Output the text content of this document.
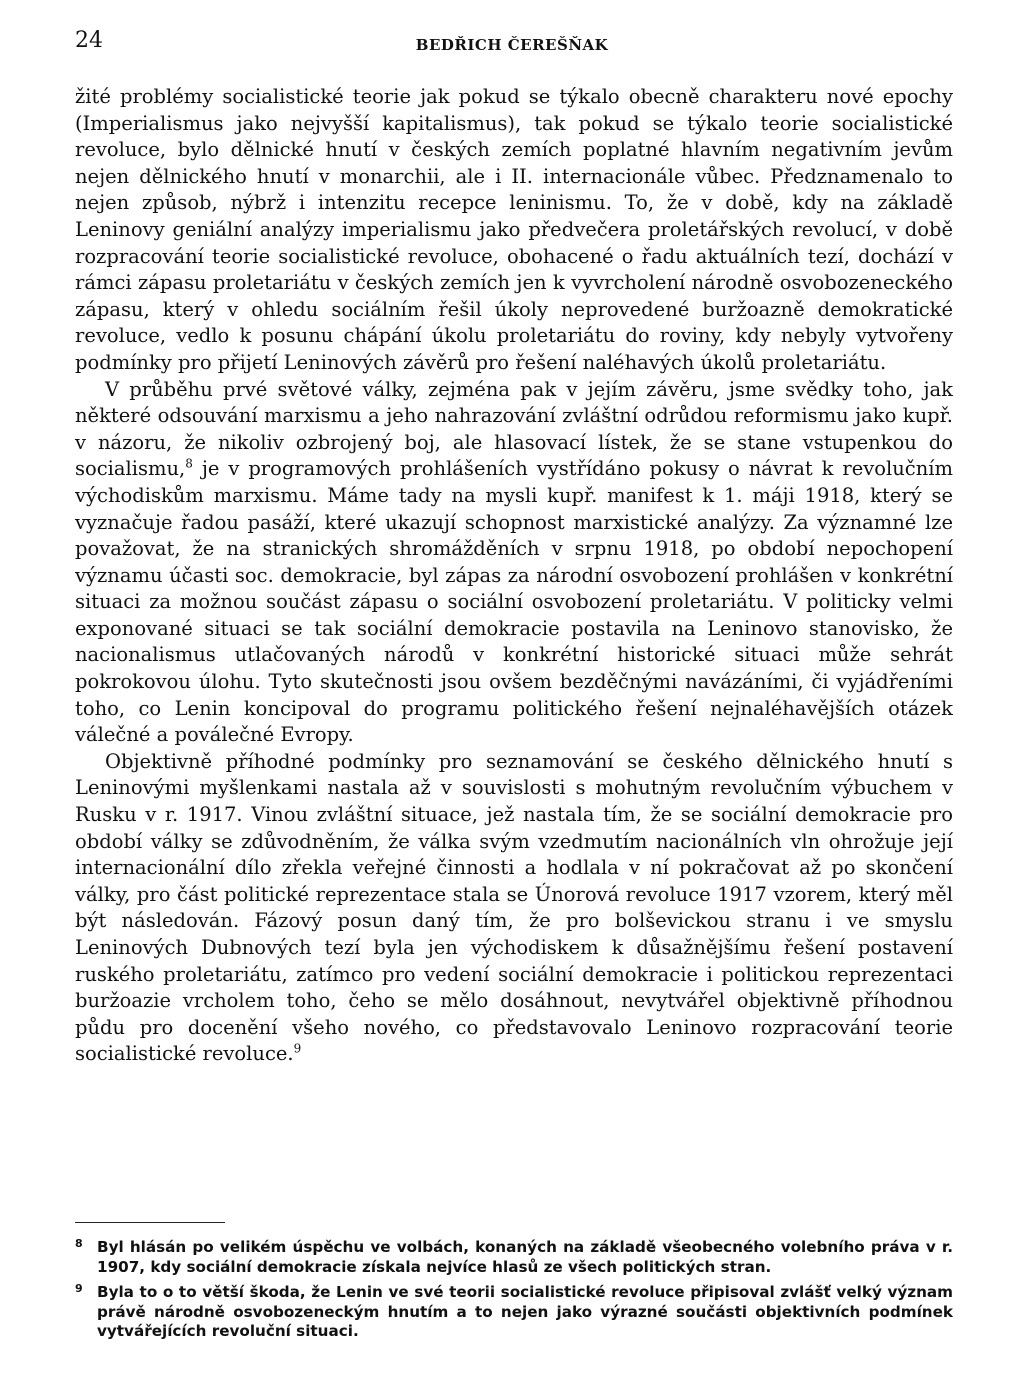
24	BEDŘICH ČEREŠŇAK

žité problémy socialistické teorie jak pokud se týkalo obecně charakteru nové epochy (Imperialismus jako nejvyšší kapitalismus), tak pokud se týkalo teorie socialistické revoluce, bylo dělnické hnutí v českých zemích poplatné hlavním negativním jevům nejen dělnického hnutí v monarchii, ale i II. internacionále vůbec. Předznamenalo to nejen způsob, nýbrž i intenzitu recepce leninismu. To, že v době, kdy na základě Leninovy geniální analýzy imperialismu jako předvečera proletářských revolucí, v době rozpracování teorie socialistické revoluce, obohacené o řadu aktuálních tezí, dochází v rámci zápasu proletariátu v českých zemích jen k vyvrcholení národně osvobozeneckého zápasu, který v ohledu sociálním řešil úkoly neprovedené buržoazně demokratické revoluce, vedlo k posunu chápání úkolu proletariátu do roviny, kdy nebyly vytvořeny podmínky pro přijetí Leninových závěrů pro řešení naléhavých úkolů proletariátu.

V průběhu prvé světové války, zejména pak v jejím závěru, jsme svědky toho, jak některé odsouvání marxismu a jeho nahrazování zvláštní odrůdou reformismu jako kupř. v názoru, že nikoliv ozbrojený boj, ale hlasovací lístek, že se stane vstupenkou do socialismu,$^8$ je v programových prohlášeních vystřídáno pokusy o návrat k revolučním východiskům marxismu. Máme tady na mysli kupř. manifest k 1. máji 1918, který se vyznačuje řadou pasáží, které ukazují schopnost marxistické analýzy. Za významné lze považovat, že na stranických shromážděních v srpnu 1918, po období nepochopení významu účasti soc. demokracie, byl zápas za národní osvobození prohlášen v konkrétní situaci za možnou součást zápasu o sociální osvobození proletariátu. V politicky velmi exponované situaci se tak sociální demokracie postavila na Leninovo stanovisko, že nacionalismus utlačovaných národů v konkrétní historické situaci může sehrát pokrokovou úlohu. Tyto skutečnosti jsou ovšem bezděčnými navázáními, či vyjádřeními toho, co Lenin koncipoval do programu politického řešení nejnaléhavějších otázek válečné a poválečné Evropy.

Objektivně příhodné podmínky pro seznamování se českého dělnického hnutí s Leninovými myšlenkami nastala až v souvislosti s mohutným revolučním výbuchem v Rusku v r. 1917. Vinou zvláštní situace, jež nastala tím, že se sociální demokracie pro období války se zdůvodněním, že válka svým vzedmutím nacionálních vln ohrožuje její internacionální dílo zřekla veřejné činnosti a hodlala v ní pokračovat až po skončení války, pro část politické reprezentace stala se Únorová revoluce 1917 vzorem, který měl být následován. Fázový posun daný tím, že pro bolševickou stranu i ve smyslu Leninových Dubnových tezí byla jen východiskem k důsažnějšímu řešení postavení ruského proletariátu, zatímco pro vedení sociální demokracie i politickou reprezentaci buržoazie vrcholem toho, čeho se mělo dosáhnout, nevytvářel objektivně příhodnou půdu pro docenění všeho nového, co představovalo Leninovo rozpracování teorie socialistické revoluce.$^9$

8 Byl hlásán po velikém úspěchu ve volbách, konaných na základě všeobecného volebního práva v r. 1907, kdy sociální demokracie získala nejvíce hlasů ze všech politických stran.
9 Byla to o to větší škoda, že Lenin ve své teorii socialistické revoluce připisoval zvlášť velký význam právě národně osvobozeneckým hnutím a to nejen jako výrazné součásti objektivních podmínek vytvářejících revoluční situaci.
